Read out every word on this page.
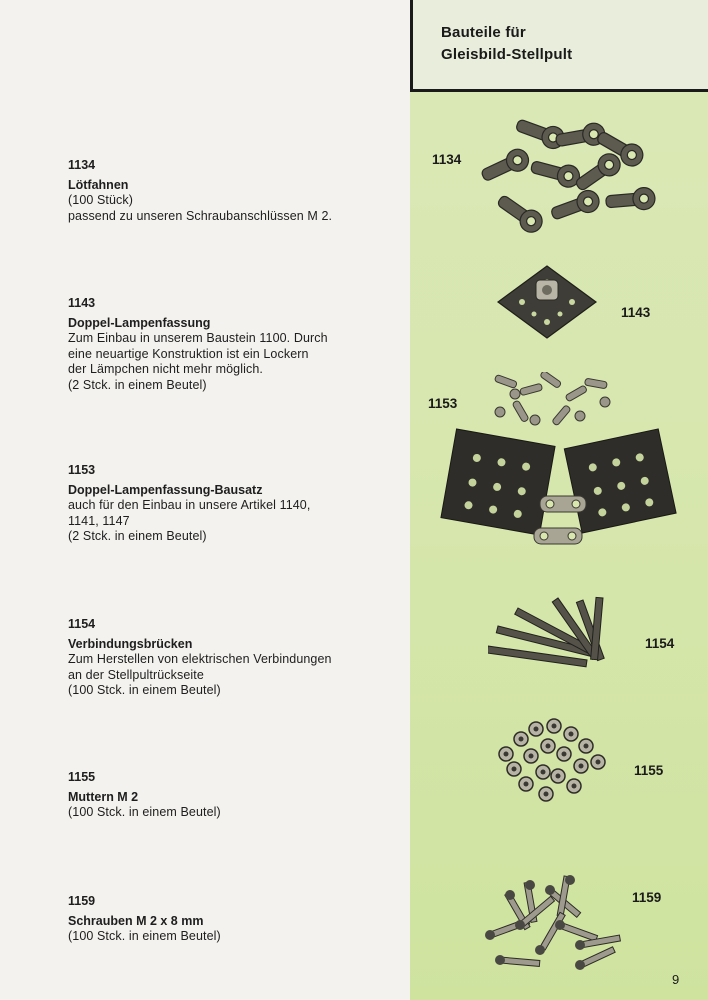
Bauteile für
Gleisbild-Stellpult
1134
Lötfahnen
(100 Stück)
passend zu unseren Schraubanschlüssen M 2.
1143
Doppel-Lampenfassung
Zum Einbau in unserem Baustein 1100. Durch
eine neuartige Konstruktion ist ein Lockern
der Lämpchen nicht mehr möglich.
(2 Stck. in einem Beutel)
1153
Doppel-Lampenfassung-Bausatz
auch für den Einbau in unsere Artikel 1140,
1141, 1147
(2 Stck. in einem Beutel)
1154
Verbindungsbrücken
Zum Herstellen von elektrischen Verbindungen
an der Stellpultrückseite
(100 Stck. in einem Beutel)
1155
Muttern M 2
(100 Stck. in einem Beutel)
1159
Schrauben M 2 x 8 mm
(100 Stck. in einem Beutel)
1134
1143
1153
1154
1155
1159
9
